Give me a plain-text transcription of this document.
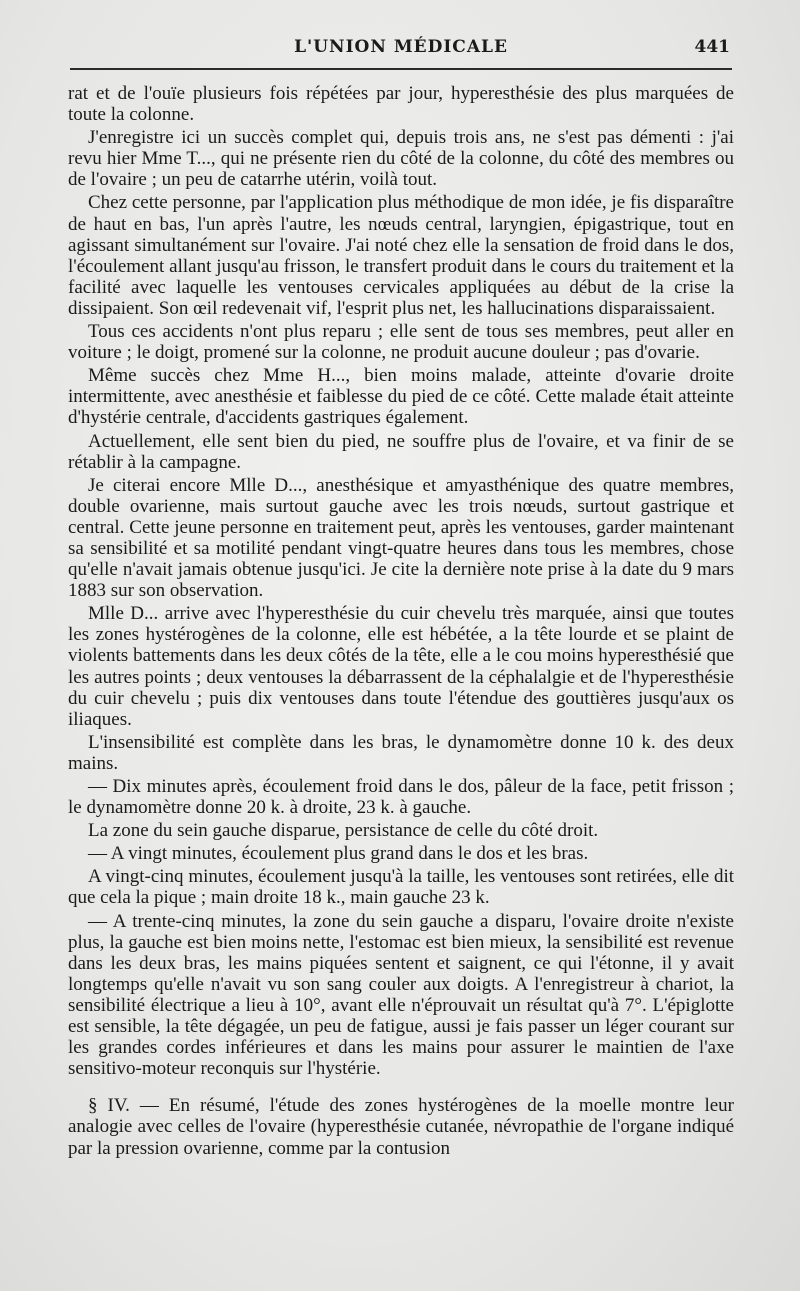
L'UNION MÉDICALE	441

rat et de l'ouïe plusieurs fois répétées par jour, hyperesthésie des plus marquées de toute la colonne.

J'enregistre ici un succès complet qui, depuis trois ans, ne s'est pas démenti : j'ai revu hier Mme T..., qui ne présente rien du côté de la colonne, du côté des membres ou de l'ovaire ; un peu de catarrhe utérin, voilà tout.

Chez cette personne, par l'application plus méthodique de mon idée, je fis disparaître de haut en bas, l'un après l'autre, les nœuds central, laryngien, épigastrique, tout en agissant simultanément sur l'ovaire. J'ai noté chez elle la sensation de froid dans le dos, l'écoulement allant jusqu'au frisson, le transfert produit dans le cours du traitement et la facilité avec laquelle les ventouses cervicales appliquées au début de la crise la dissipaient. Son œil redevenait vif, l'esprit plus net, les hallucinations disparaissaient.

Tous ces accidents n'ont plus reparu ; elle sent de tous ses membres, peut aller en voiture ; le doigt, promené sur la colonne, ne produit aucune douleur ; pas d'ovarie.

Même succès chez Mme H..., bien moins malade, atteinte d'ovarie droite intermittente, avec anesthésie et faiblesse du pied de ce côté. Cette malade était atteinte d'hystérie centrale, d'accidents gastriques également.

Actuellement, elle sent bien du pied, ne souffre plus de l'ovaire, et va finir de se rétablir à la campagne.

Je citerai encore Mlle D..., anesthésique et amyasthénique des quatre membres, double ovarienne, mais surtout gauche avec les trois nœuds, surtout gastrique et central. Cette jeune personne en traitement peut, après les ventouses, garder maintenant sa sensibilité et sa motilité pendant vingt-quatre heures dans tous les membres, chose qu'elle n'avait jamais obtenue jusqu'ici. Je cite la dernière note prise à la date du 9 mars 1883 sur son observation.

Mlle D... arrive avec l'hyperesthésie du cuir chevelu très marquée, ainsi que toutes les zones hystérogènes de la colonne, elle est hébétée, a la tête lourde et se plaint de violents battements dans les deux côtés de la tête, elle a le cou moins hyperesthésié que les autres points ; deux ventouses la débarrassent de la céphalalgie et de l'hyperesthésie du cuir chevelu ; puis dix ventouses dans toute l'étendue des gouttières jusqu'aux os iliaques.

L'insensibilité est complète dans les bras, le dynamomètre donne 10 k. des deux mains.

— Dix minutes après, écoulement froid dans le dos, pâleur de la face, petit frisson ; le dynamomètre donne 20 k. à droite, 23 k. à gauche.

La zone du sein gauche disparue, persistance de celle du côté droit.

— A vingt minutes, écoulement plus grand dans le dos et les bras.

A vingt-cinq minutes, écoulement jusqu'à la taille, les ventouses sont retirées, elle dit que cela la pique ; main droite 18 k., main gauche 23 k.

— A trente-cinq minutes, la zone du sein gauche a disparu, l'ovaire droite n'existe plus, la gauche est bien moins nette, l'estomac est bien mieux, la sensibilité est revenue dans les deux bras, les mains piquées sentent et saignent, ce qui l'étonne, il y avait longtemps qu'elle n'avait vu son sang couler aux doigts. A l'enregistreur à chariot, la sensibilité électrique a lieu à 10°, avant elle n'éprouvait un résultat qu'à 7°. L'épiglotte est sensible, la tête dégagée, un peu de fatigue, aussi je fais passer un léger courant sur les grandes cordes inférieures et dans les mains pour assurer le maintien de l'axe sensitivo-moteur reconquis sur l'hystérie.

§ IV. — En résumé, l'étude des zones hystérogènes de la moelle montre leur analogie avec celles de l'ovaire (hyperesthésie cutanée, névropathie de l'organe indiqué par la pression ovarienne, comme par la contusion
